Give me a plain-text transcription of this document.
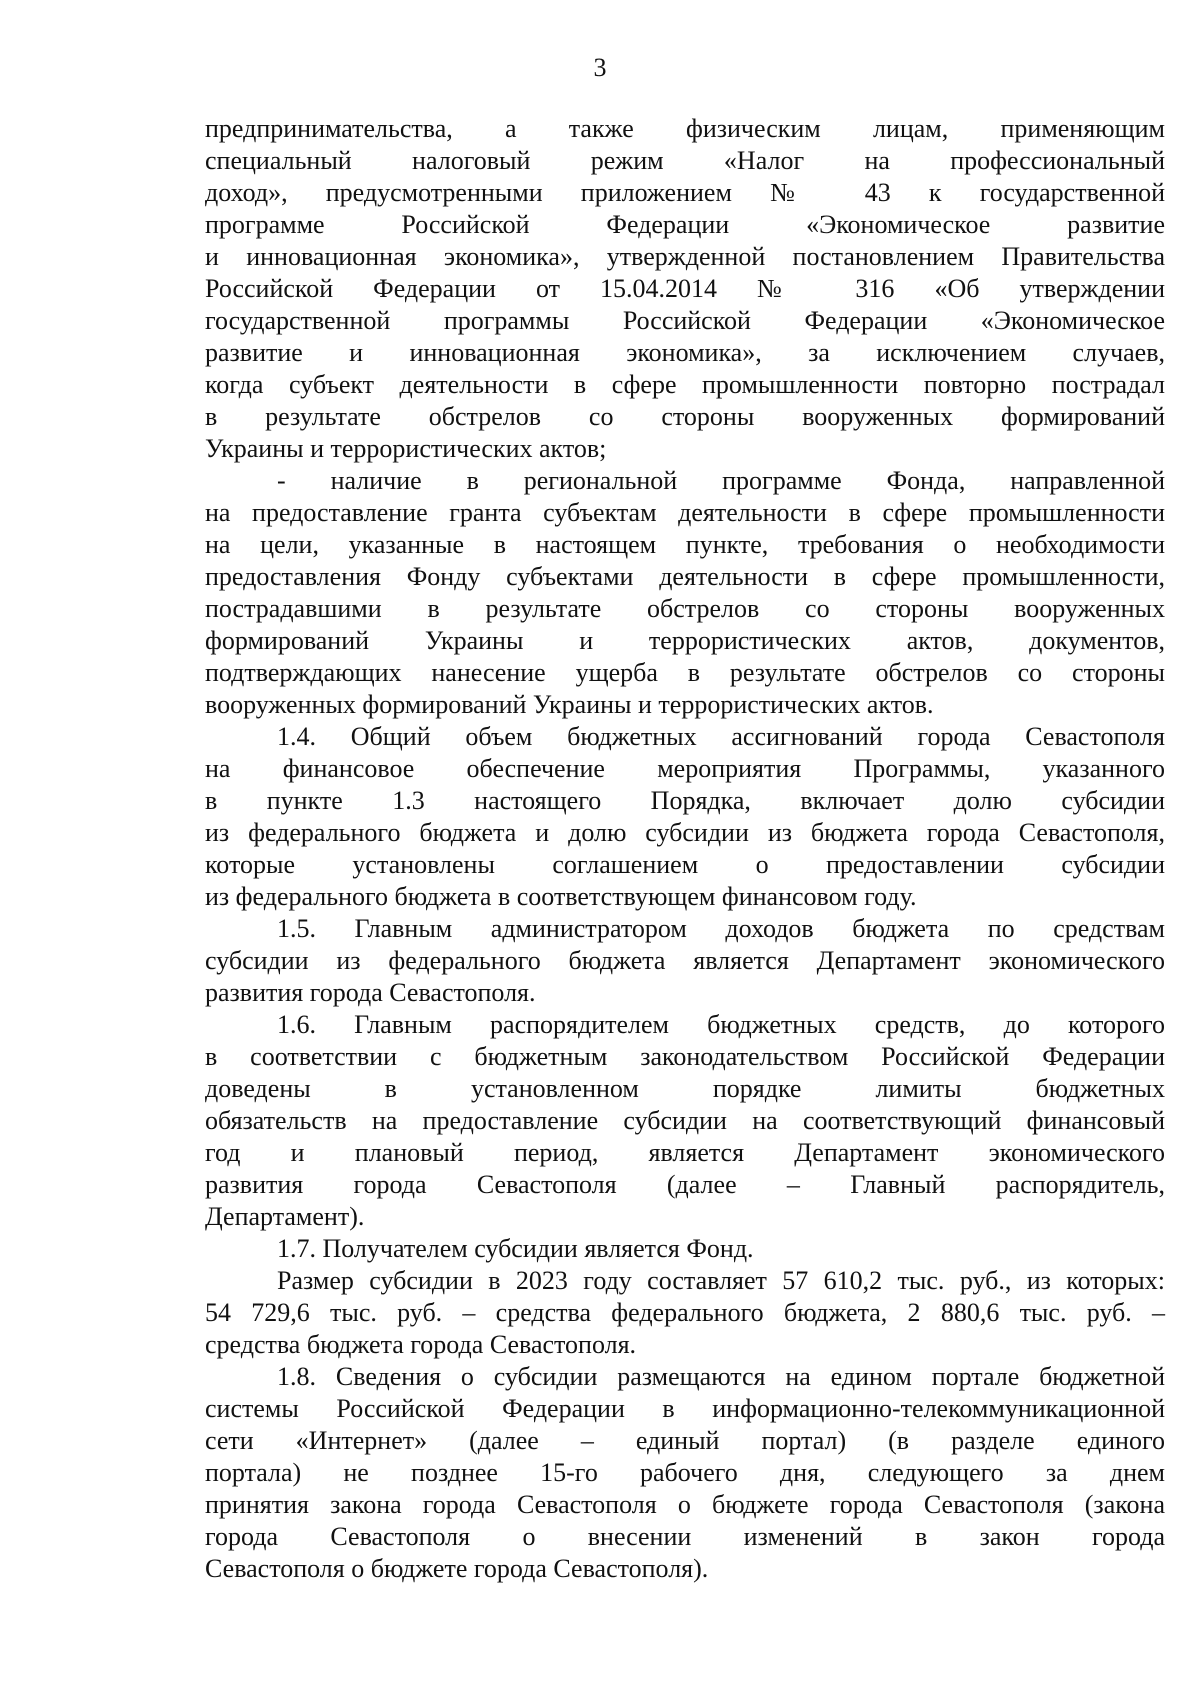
3
предпринимательства, а также физическим лицам, применяющим
специальный налоговый режим «Налог на профессиональный
доход», предусмотренными приложением № 43 к государственной
программе Российской Федерации «Экономическое развитие
и инновационная экономика», утвержденной постановлением Правительства
Российской Федерации от 15.04.2014 № 316 «Об утверждении
государственной программы Российской Федерации «Экономическое
развитие и инновационная экономика», за исключением случаев,
когда субъект деятельности в сфере промышленности повторно пострадал
в результате обстрелов со стороны вооруженных формирований
Украины и террористических актов;
- наличие в региональной программе Фонда, направленной
на предоставление гранта субъектам деятельности в сфере промышленности
на цели, указанные в настоящем пункте, требования о необходимости
предоставления Фонду субъектами деятельности в сфере промышленности,
пострадавшими в результате обстрелов со стороны вооруженных
формирований Украины и террористических актов, документов,
подтверждающих нанесение ущерба в результате обстрелов со стороны
вооруженных формирований Украины и террористических актов.
1.4. Общий объем бюджетных ассигнований города Севастополя
на финансовое обеспечение мероприятия Программы, указанного
в пункте 1.3 настоящего Порядка, включает долю субсидии
из федерального бюджета и долю субсидии из бюджета города Севастополя,
которые установлены соглашением о предоставлении субсидии
из федерального бюджета в соответствующем финансовом году.
1.5. Главным администратором доходов бюджета по средствам
субсидии из федерального бюджета является Департамент экономического
развития города Севастополя.
1.6. Главным распорядителем бюджетных средств, до которого
в соответствии с бюджетным законодательством Российской Федерации
доведены в установленном порядке лимиты бюджетных
обязательств на предоставление субсидии на соответствующий финансовый
год и плановый период, является Департамент экономического
развития города Севастополя (далее – Главный распорядитель,
Департамент).
1.7. Получателем субсидии является Фонд.
Размер субсидии в 2023 году составляет 57 610,2 тыс. руб., из которых:
54 729,6 тыс. руб. – средства федерального бюджета, 2 880,6 тыс. руб. –
средства бюджета города Севастополя.
1.8. Сведения о субсидии размещаются на едином портале бюджетной
системы Российской Федерации в информационно-телекоммуникационной
сети «Интернет» (далее – единый портал) (в разделе единого
портала) не позднее 15-го рабочего дня, следующего за днем
принятия закона города Севастополя о бюджете города Севастополя (закона
города Севастополя о внесении изменений в закон города
Севастополя о бюджете города Севастополя).
